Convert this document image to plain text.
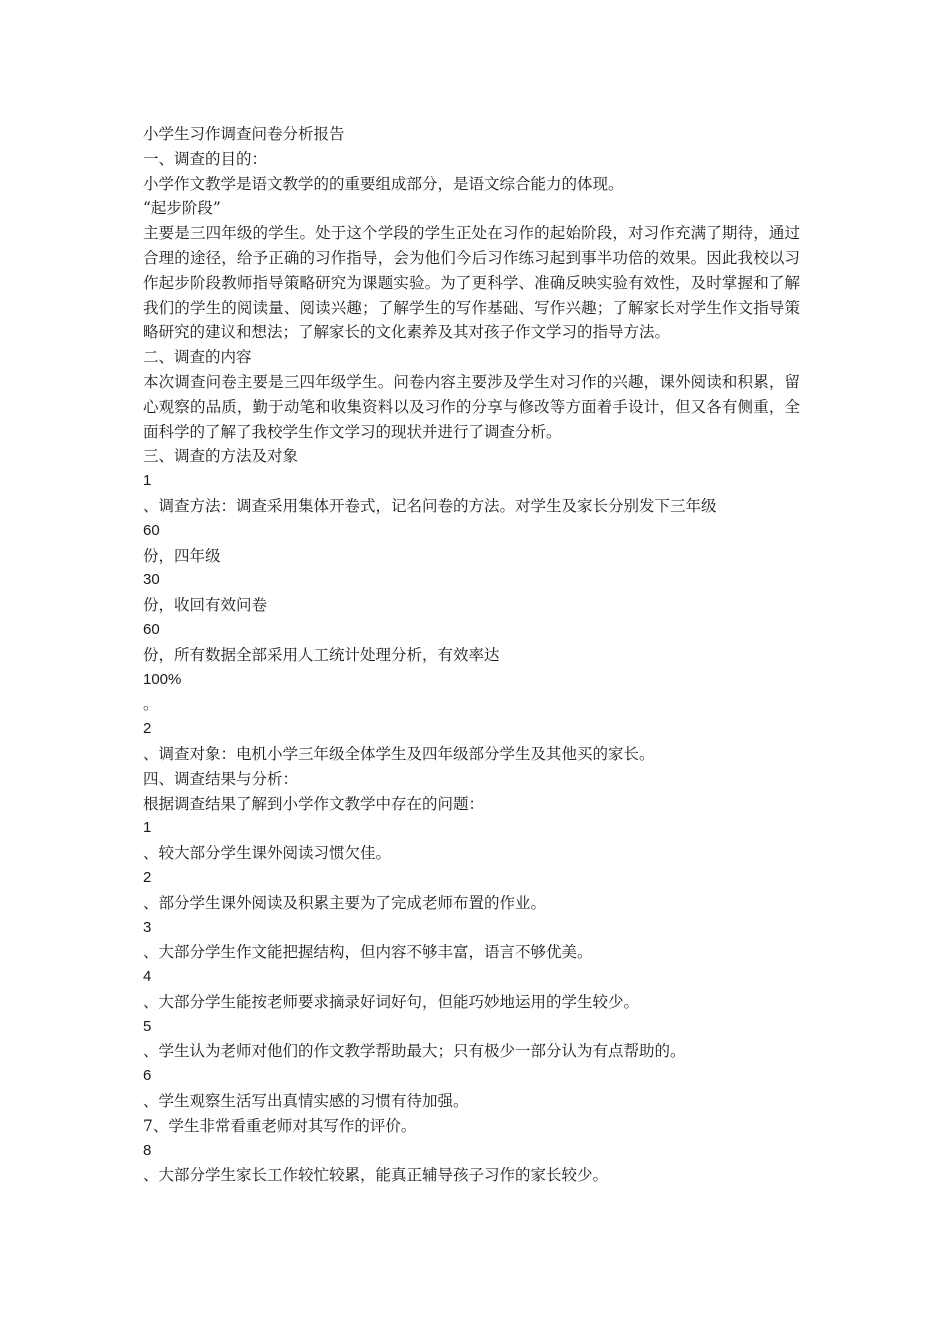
小学生习作调查问卷分析报告
一、调查的目的：
小学作文教学是语文教学的的重要组成部分，是语文综合能力的体现。
“起步阶段”
主要是三四年级的学生。处于这个学段的学生正处在习作的起始阶段，对习作充满了期待，通过合理的途径，给予正确的习作指导，会为他们今后习作练习起到事半功倍的效果。因此我校以习作起步阶段教师指导策略研究为课题实验。为了更科学、准确反映实验有效性，及时掌握和了解我们的学生的阅读量、阅读兴趣；了解学生的写作基础、写作兴趣；了解家长对学生作文指导策略研究的建议和想法；了解家长的文化素养及其对孩子作文学习的指导方法。
二、调查的内容
本次调查问卷主要是三四年级学生。问卷内容主要涉及学生对习作的兴趣，课外阅读和积累，留心观察的品质，勤于动笔和收集资料以及习作的分享与修改等方面着手设计，但又各有侧重，全面科学的了解了我校学生作文学习的现状并进行了调查分析。
三、调查的方法及对象
1
、调查方法：调查采用集体开卷式，记名问卷的方法。对学生及家长分别发下三年级
60
份，四年级
30
份，收回有效问卷
60
份，所有数据全部采用人工统计处理分析，有效率达
100%
。
2
、调查对象：电机小学三年级全体学生及四年级部分学生及其他买的家长。
四、调查结果与分析：
根据调查结果了解到小学作文教学中存在的问题：
1
、较大部分学生课外阅读习惯欠佳。
2
、部分学生课外阅读及积累主要为了完成老师布置的作业。
3
、大部分学生作文能把握结构，但内容不够丰富，语言不够优美。
4
、大部分学生能按老师要求摘录好词好句，但能巧妙地运用的学生较少。
5
、学生认为老师对他们的作文教学帮助最大；只有极少一部分认为有点帮助的。
6
、学生观察生活写出真情实感的习惯有待加强。
7、学生非常看重老师对其写作的评价。
8
、大部分学生家长工作较忙较累，能真正辅导孩子习作的家长较少。
